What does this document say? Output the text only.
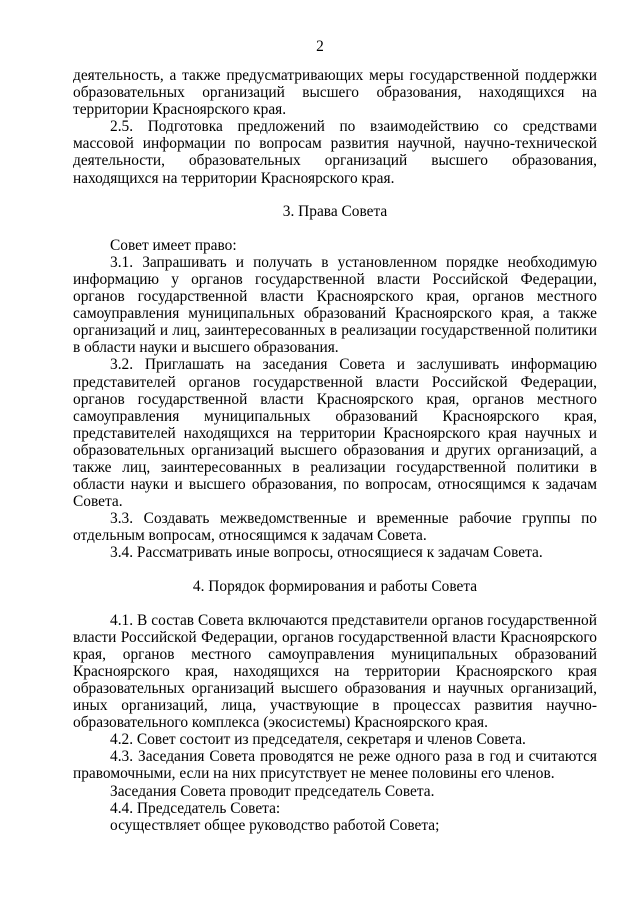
2

деятельность, а также предусматривающих меры государственной поддержки образовательных организаций высшего образования, находящихся на территории Красноярского края.

2.5. Подготовка предложений по взаимодействию со средствами массовой информации по вопросам развития научной, научно-технической деятельности, образовательных организаций высшего образования, находящихся на территории Красноярского края.

3. Права Совета

Совет имеет право:

3.1. Запрашивать и получать в установленном порядке необходимую информацию у органов государственной власти Российской Федерации, органов государственной власти Красноярского края, органов местного самоуправления муниципальных образований Красноярского края, а также организаций и лиц, заинтересованных в реализации государственной политики в области науки и высшего образования.

3.2. Приглашать на заседания Совета и заслушивать информацию представителей органов государственной власти Российской Федерации, органов государственной власти Красноярского края, органов местного самоуправления муниципальных образований Красноярского края, представителей находящихся на территории Красноярского края научных и образовательных организаций высшего образования и других организаций, а также лиц, заинтересованных в реализации государственной политики в области науки и высшего образования, по вопросам, относящимся к задачам Совета.

3.3. Создавать межведомственные и временные рабочие группы по отдельным вопросам, относящимся к задачам Совета.

3.4. Рассматривать иные вопросы, относящиеся к задачам Совета.

4. Порядок формирования и работы Совета

4.1. В состав Совета включаются представители органов государственной власти Российской Федерации, органов государственной власти Красноярского края, органов местного самоуправления муниципальных образований Красноярского края, находящихся на территории Красноярского края образовательных организаций высшего образования и научных организаций, иных организаций, лица, участвующие в процессах развития научно-образовательного комплекса (экосистемы) Красноярского края.

4.2. Совет состоит из председателя, секретаря и членов Совета.

4.3. Заседания Совета проводятся не реже одного раза в год и считаются правомочными, если на них присутствует не менее половины его членов.

Заседания Совета проводит председатель Совета.

4.4. Председатель Совета:

осуществляет общее руководство работой Совета;
